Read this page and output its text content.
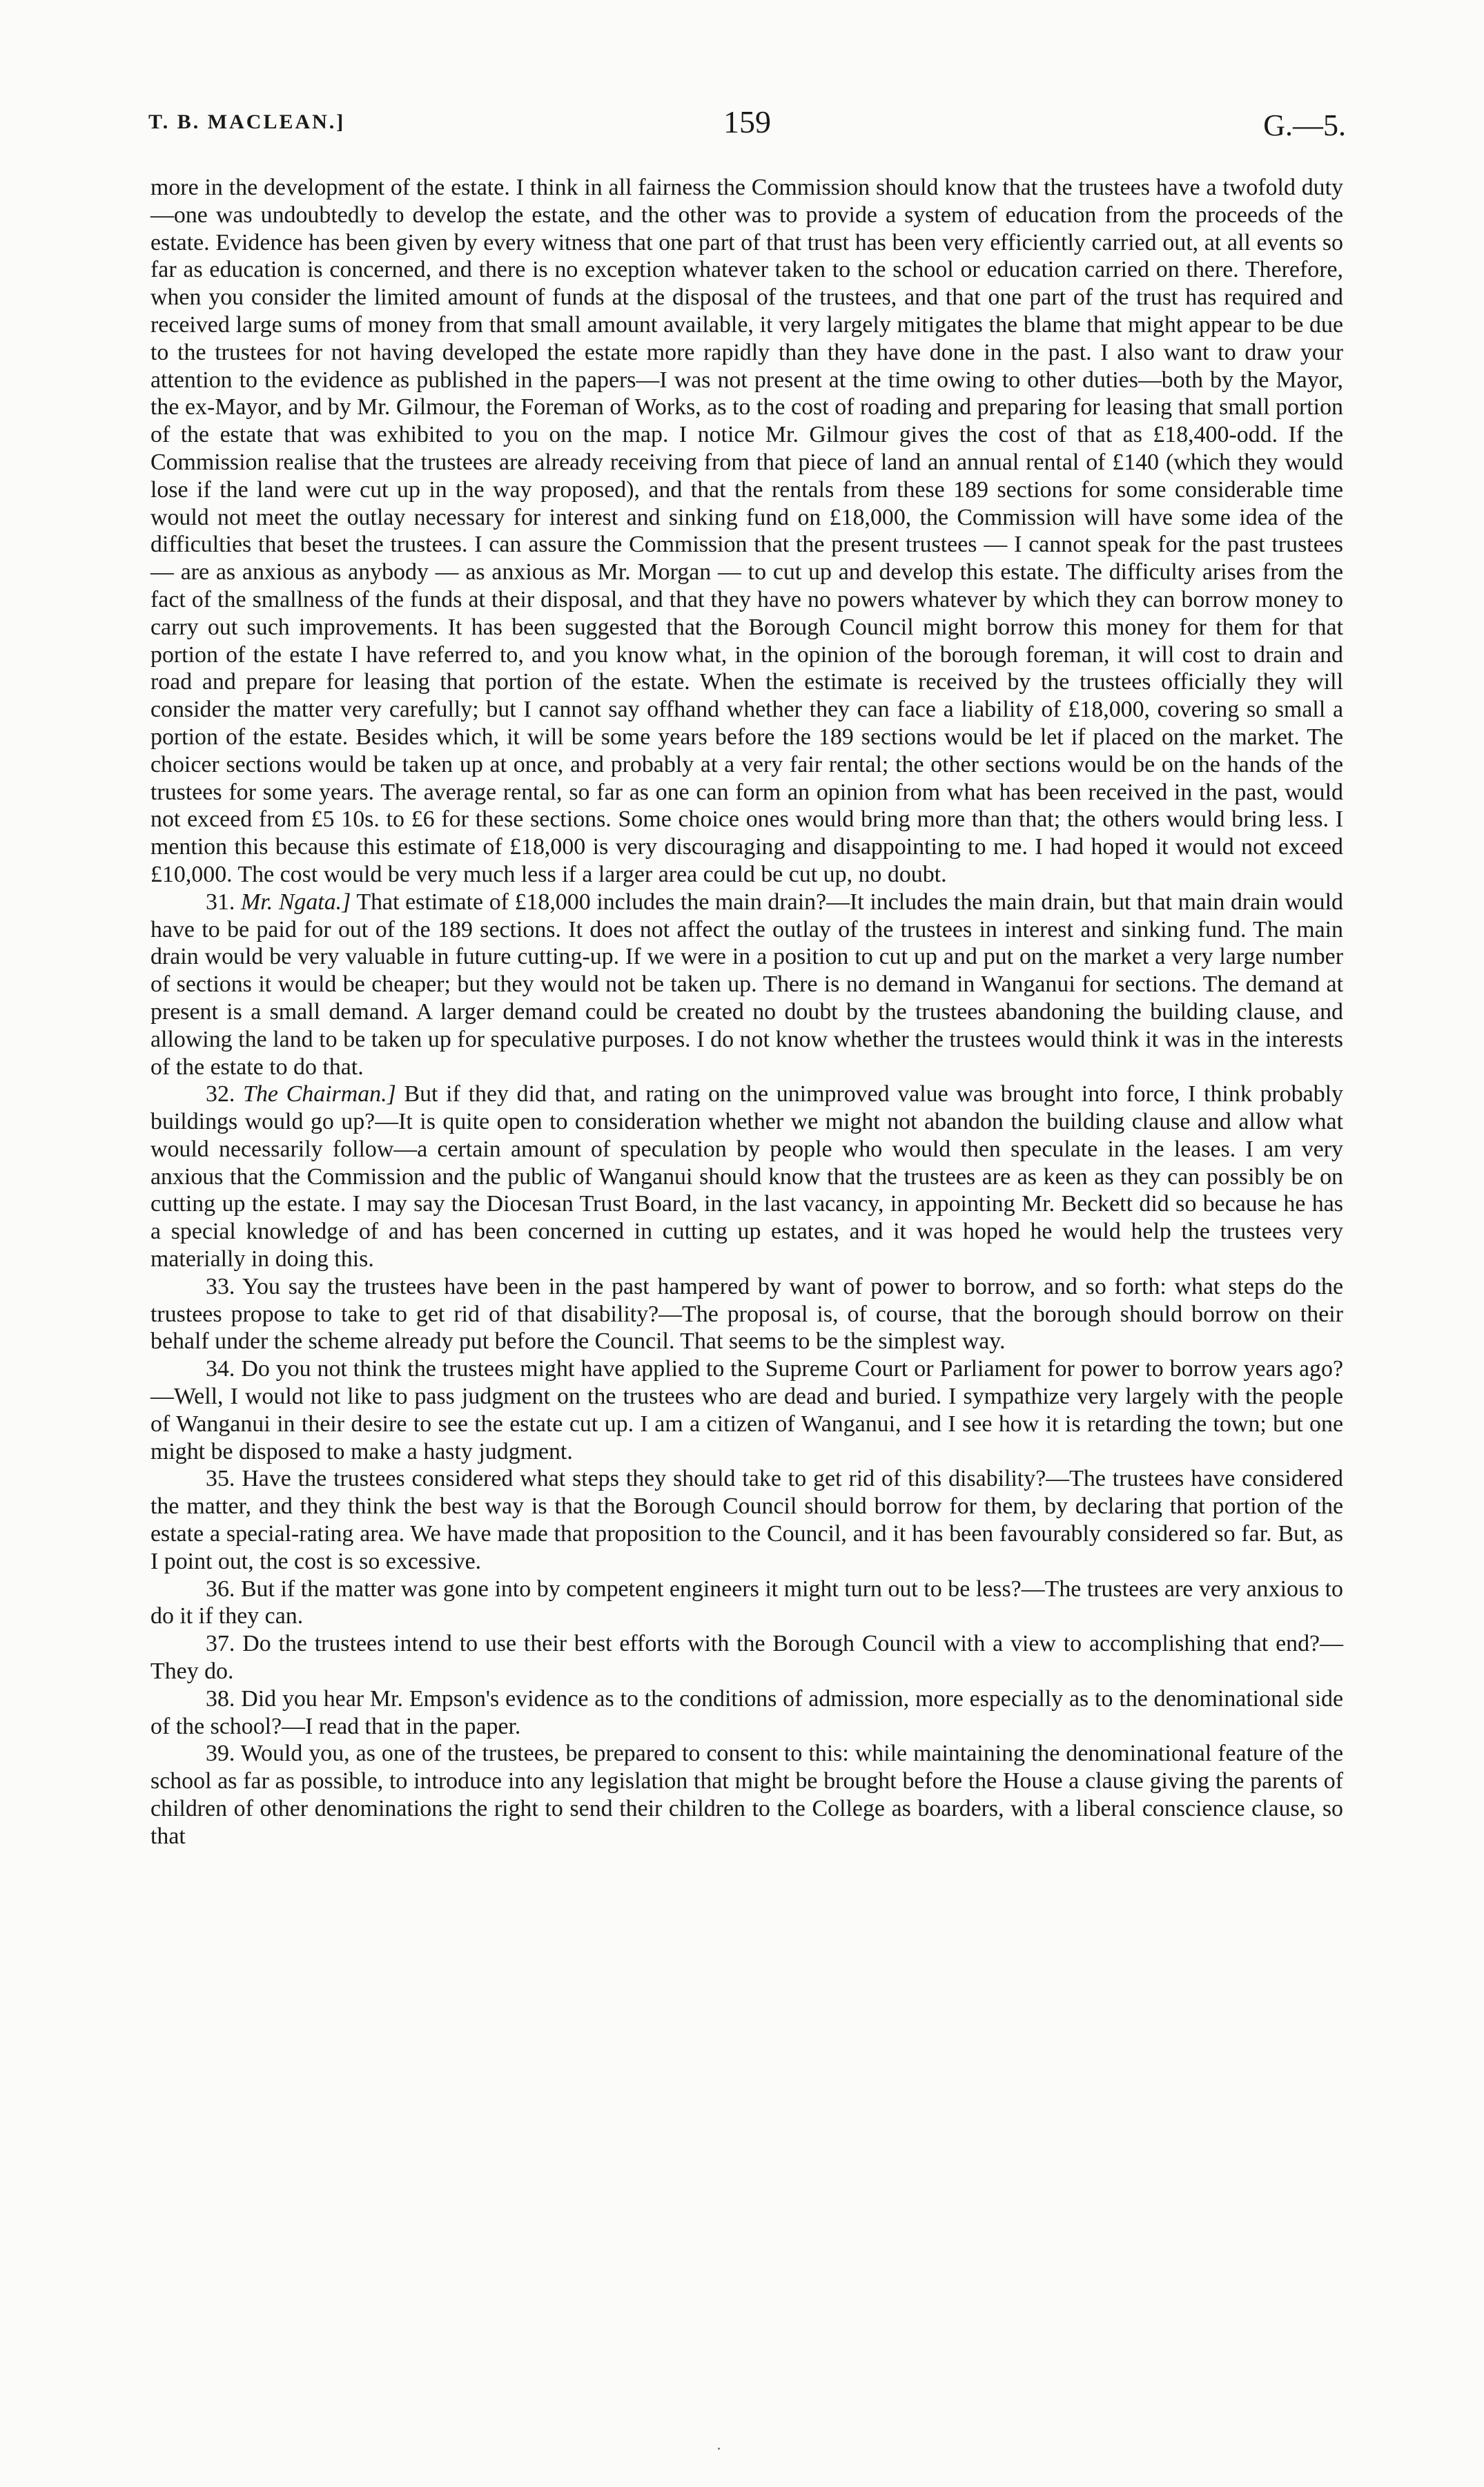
T. B. MACLEAN.]	159	G.—5.

more in the development of the estate. I think in all fairness the Commission should know that the trustees have a twofold duty—one was undoubtedly to develop the estate, and the other was to provide a system of education from the proceeds of the estate. Evidence has been given by every witness that one part of that trust has been very efficiently carried out, at all events so far as education is concerned, and there is no exception whatever taken to the school or education carried on there. Therefore, when you consider the limited amount of funds at the disposal of the trustees, and that one part of the trust has required and received large sums of money from that small amount available, it very largely mitigates the blame that might appear to be due to the trustees for not having developed the estate more rapidly than they have done in the past. I also want to draw your attention to the evidence as published in the papers—I was not present at the time owing to other duties—both by the Mayor, the ex-Mayor, and by Mr. Gilmour, the Foreman of Works, as to the cost of roading and preparing for leasing that small portion of the estate that was exhibited to you on the map. I notice Mr. Gilmour gives the cost of that as £18,400-odd. If the Commission realise that the trustees are already receiving from that piece of land an annual rental of £140 (which they would lose if the land were cut up in the way proposed), and that the rentals from these 189 sections for some considerable time would not meet the outlay necessary for interest and sinking fund on £18,000, the Commission will have some idea of the difficulties that beset the trustees. I can assure the Commission that the present trustees — I cannot speak for the past trustees — are as anxious as anybody — as anxious as Mr. Morgan — to cut up and develop this estate. The difficulty arises from the fact of the smallness of the funds at their disposal, and that they have no powers whatever by which they can borrow money to carry out such improvements. It has been suggested that the Borough Council might borrow this money for them for that portion of the estate I have referred to, and you know what, in the opinion of the borough foreman, it will cost to drain and road and prepare for leasing that portion of the estate. When the estimate is received by the trustees officially they will consider the matter very carefully; but I cannot say offhand whether they can face a liability of £18,000, covering so small a portion of the estate. Besides which, it will be some years before the 189 sections would be let if placed on the market. The choicer sections would be taken up at once, and probably at a very fair rental; the other sections would be on the hands of the trustees for some years. The average rental, so far as one can form an opinion from what has been received in the past, would not exceed from £5 10s. to £6 for these sections. Some choice ones would bring more than that; the others would bring less. I mention this because this estimate of £18,000 is very discouraging and disappointing to me. I had hoped it would not exceed £10,000. The cost would be very much less if a larger area could be cut up, no doubt.

31. Mr. Ngata.] That estimate of £18,000 includes the main drain?—It includes the main drain, but that main drain would have to be paid for out of the 189 sections. It does not affect the outlay of the trustees in interest and sinking fund. The main drain would be very valuable in future cutting-up. If we were in a position to cut up and put on the market a very large number of sections it would be cheaper; but they would not be taken up. There is no demand in Wanganui for sections. The demand at present is a small demand. A larger demand could be created no doubt by the trustees abandoning the building clause, and allowing the land to be taken up for speculative purposes. I do not know whether the trustees would think it was in the interests of the estate to do that.

32. The Chairman.] But if they did that, and rating on the unimproved value was brought into force, I think probably buildings would go up?—It is quite open to consideration whether we might not abandon the building clause and allow what would necessarily follow—a certain amount of speculation by people who would then speculate in the leases. I am very anxious that the Commission and the public of Wanganui should know that the trustees are as keen as they can possibly be on cutting up the estate. I may say the Diocesan Trust Board, in the last vacancy, in appointing Mr. Beckett did so because he has a special knowledge of and has been concerned in cutting up estates, and it was hoped he would help the trustees very materially in doing this.

33. You say the trustees have been in the past hampered by want of power to borrow, and so forth: what steps do the trustees propose to take to get rid of that disability?—The proposal is, of course, that the borough should borrow on their behalf under the scheme already put before the Council. That seems to be the simplest way.

34. Do you not think the trustees might have applied to the Supreme Court or Parliament for power to borrow years ago?—Well, I would not like to pass judgment on the trustees who are dead and buried. I sympathize very largely with the people of Wanganui in their desire to see the estate cut up. I am a citizen of Wanganui, and I see how it is retarding the town; but one might be disposed to make a hasty judgment.

35. Have the trustees considered what steps they should take to get rid of this disability?—The trustees have considered the matter, and they think the best way is that the Borough Council should borrow for them, by declaring that portion of the estate a special-rating area. We have made that proposition to the Council, and it has been favourably considered so far. But, as I point out, the cost is so excessive.

36. But if the matter was gone into by competent engineers it might turn out to be less?—The trustees are very anxious to do it if they can.

37. Do the trustees intend to use their best efforts with the Borough Council with a view to accomplishing that end?—They do.

38. Did you hear Mr. Empson's evidence as to the conditions of admission, more especially as to the denominational side of the school?—I read that in the paper.

39. Would you, as one of the trustees, be prepared to consent to this: while maintaining the denominational feature of the school as far as possible, to introduce into any legislation that might be brought before the House a clause giving the parents of children of other denominations the right to send their children to the College as boarders, with a liberal conscience clause, so that
